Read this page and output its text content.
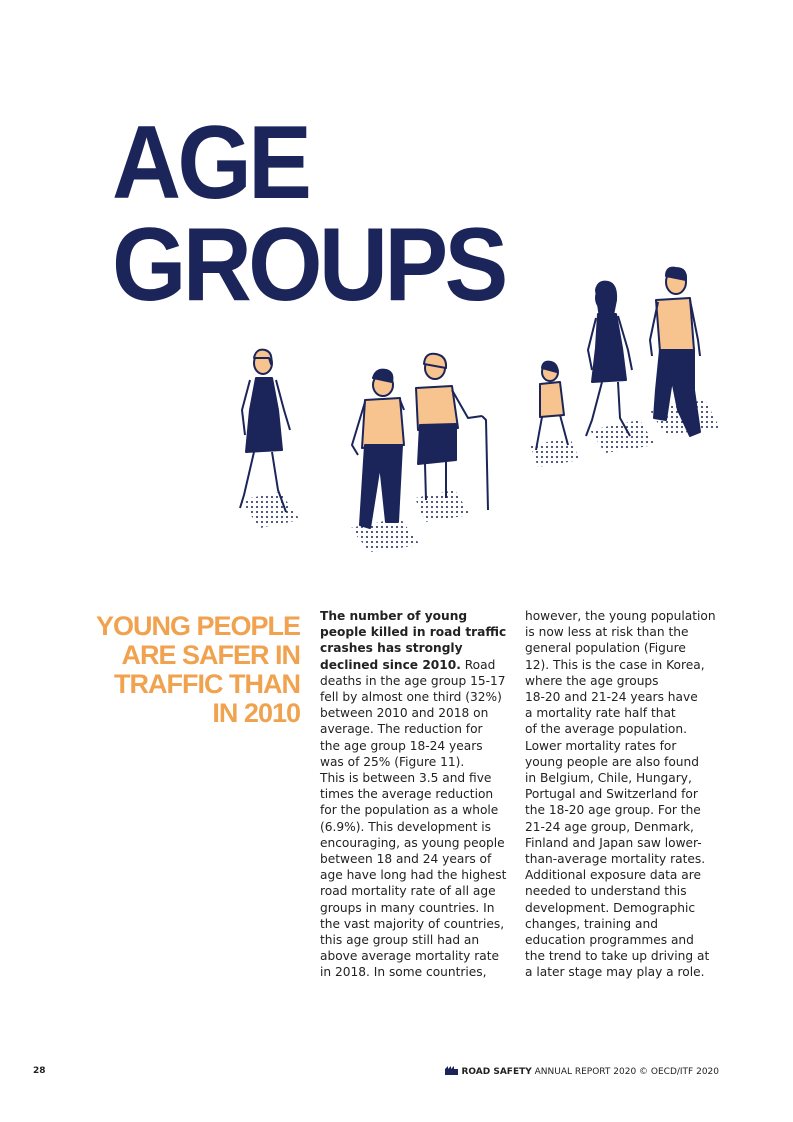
AGE
GROUPS
YOUNG PEOPLE
ARE SAFER IN
TRAFFIC THAN
IN 2010
The number of young
people killed in road traffic
crashes has strongly
declined since 2010. Road
deaths in the age group 15-17
fell by almost one third (32%)
between 2010 and 2018 on
average. The reduction for
the age group 18-24 years
was of 25% (Figure 11).
This is between 3.5 and five
times the average reduction
for the population as a whole
(6.9%). This development is
encouraging, as young people
between 18 and 24 years of
age have long had the highest
road mortality rate of all age
groups in many countries. In
the vast majority of countries,
this age group still had an
above average mortality rate
in 2018. In some countries,
however, the young population
is now less at risk than the
general population (Figure
12). This is the case in Korea,
where the age groups
18-20 and 21-24 years have
a mortality rate half that
of the average population.
Lower mortality rates for
young people are also found
in Belgium, Chile, Hungary,
Portugal and Switzerland for
the 18-20 age group. For the
21-24 age group, Denmark,
Finland and Japan saw lower-
than-average mortality rates.
Additional exposure data are
needed to understand this
development. Demographic
changes, training and
education programmes and
the trend to take up driving at
a later stage may play a role.
28	ROAD SAFETY ANNUAL REPORT 2020 © OECD/ITF 2020
